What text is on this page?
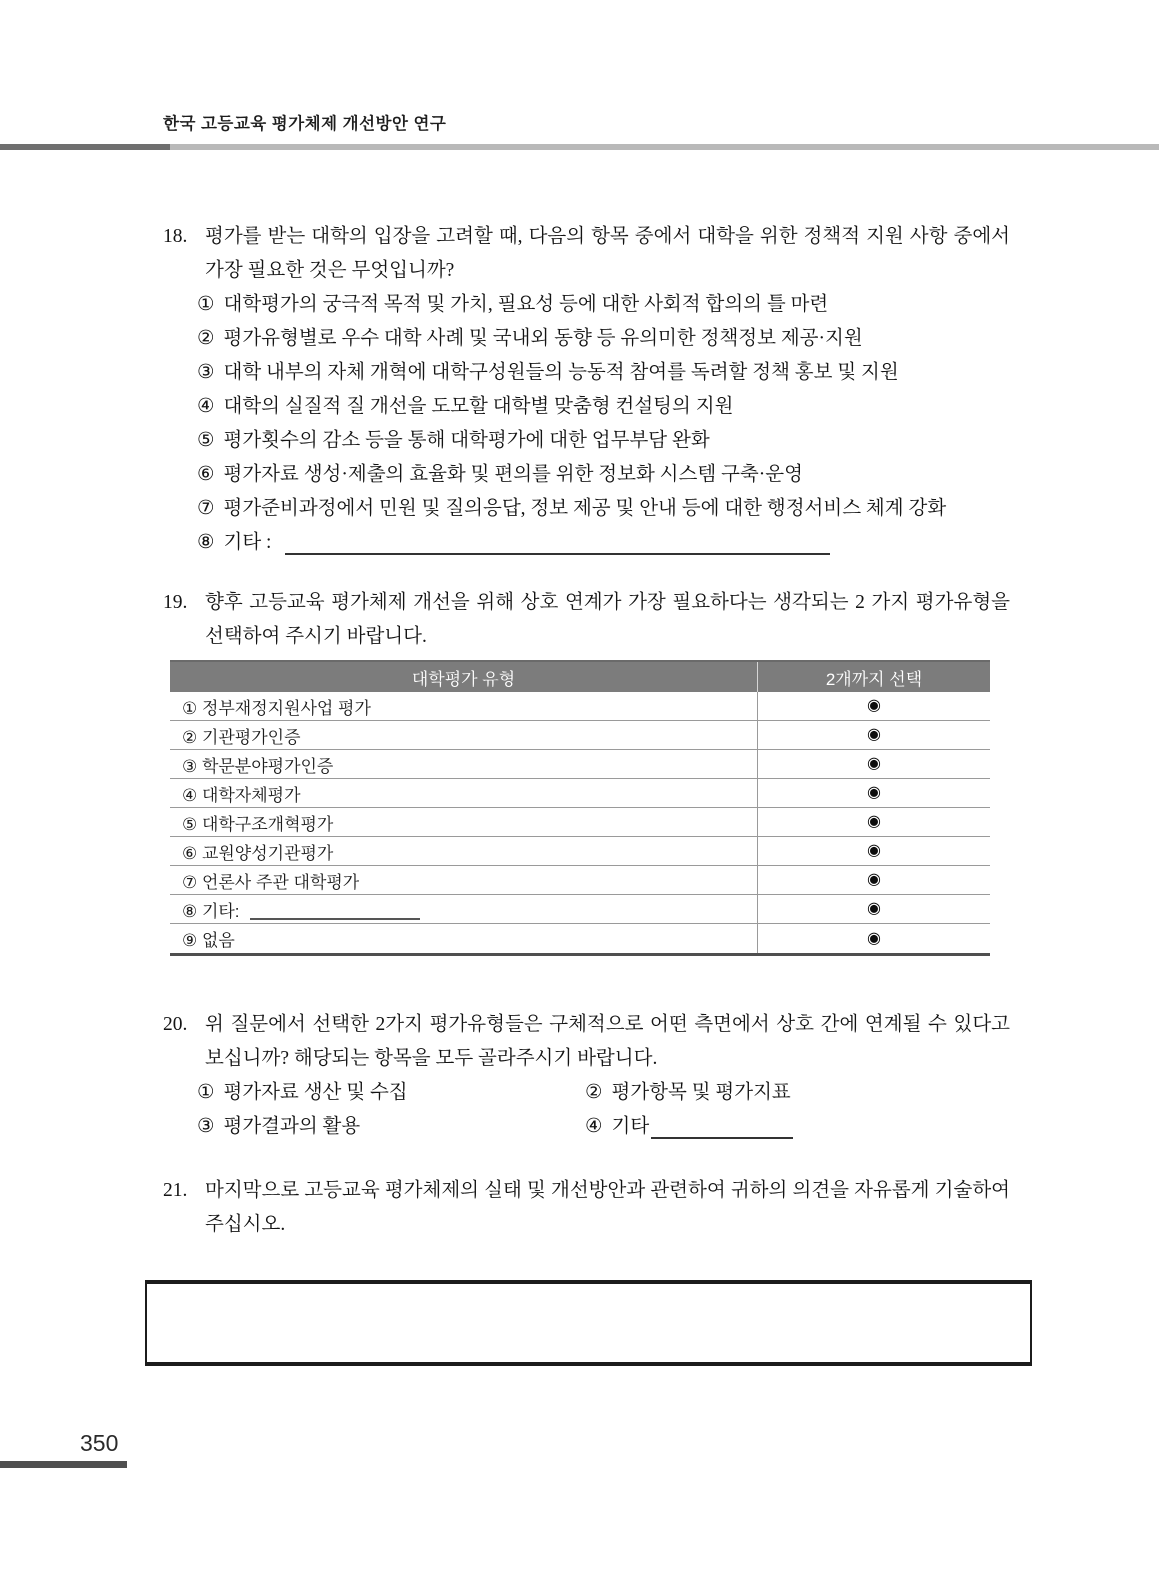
한국 고등교육 평가체제 개선방안 연구
18. 평가를 받는 대학의 입장을 고려할 때, 다음의 항목 중에서 대학을 위한 정책적 지원 사항 중에서 가장 필요한 것은 무엇입니까?
① 대학평가의 궁극적 목적 및 가치, 필요성 등에 대한 사회적 합의의 틀 마련
② 평가유형별로 우수 대학 사례 및 국내외 동향 등 유의미한 정책정보 제공·지원
③ 대학 내부의 자체 개혁에 대학구성원들의 능동적 참여를 독려할 정책 홍보 및 지원
④ 대학의 실질적 질 개선을 도모할 대학별 맞춤형 컨설팅의 지원
⑤ 평가횟수의 감소 등을 통해 대학평가에 대한 업무부담 완화
⑥ 평가자료 생성·제출의 효율화 및 편의를 위한 정보화 시스템 구축·운영
⑦ 평가준비과정에서 민원 및 질의응답, 정보 제공 및 안내 등에 대한 행정서비스 체계 강화
⑧ 기타 :
19. 향후 고등교육 평가체제 개선을 위해 상호 연계가 가장 필요하다는 생각되는 2 가지 평가유형을 선택하여 주시기 바랍니다.
대학평가 유형	2개까지 선택
① 정부재정지원사업 평가	◉
② 기관평가인증	◉
③ 학문분야평가인증	◉
④ 대학자체평가	◉
⑤ 대학구조개혁평가	◉
⑥ 교원양성기관평가	◉
⑦ 언론사 주관 대학평가	◉
⑧ 기타:	◉
⑨ 없음	◉
20. 위 질문에서 선택한 2가지 평가유형들은 구체적으로 어떤 측면에서 상호 간에 연계될 수 있다고 보십니까? 해당되는 항목을 모두 골라주시기 바랍니다.
① 평가자료 생산 및 수집	② 평가항목 및 평가지표
③ 평가결과의 활용	④ 기타
21. 마지막으로 고등교육 평가체제의 실태 및 개선방안과 관련하여 귀하의 의견을 자유롭게 기술하여 주십시오.
350
